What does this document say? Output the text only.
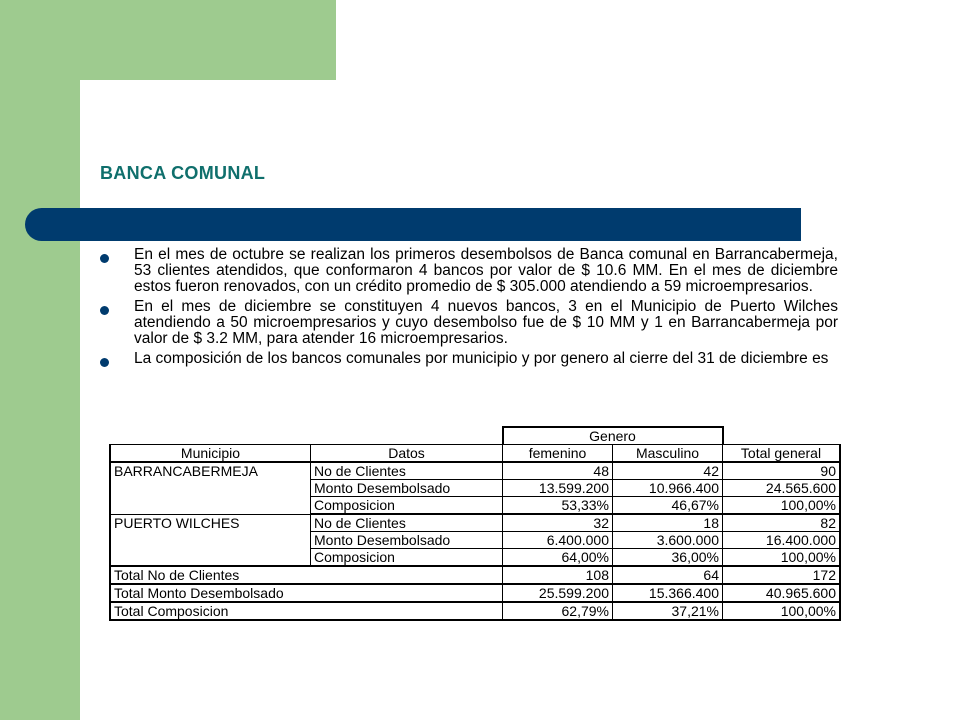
BANCA COMUNAL
En el mes de octubre se realizan los primeros desembolsos de Banca comunal en Barrancabermeja, 53 clientes atendidos, que conformaron 4 bancos por valor de $ 10.6 MM. En el mes de diciembre estos fueron renovados, con un crédito promedio de $ 305.000 atendiendo a 59 microempresarios.
En el mes de diciembre se constituyen 4 nuevos bancos, 3 en el Municipio de Puerto Wilches atendiendo a 50 microempresarios y cuyo desembolso fue de $ 10 MM y 1 en Barrancabermeja por valor de $ 3.2 MM, para atender 16 microempresarios.
La composición de los bancos comunales por municipio y por genero al cierre del 31 de diciembre es
		Genero		
Municipio	Datos	femenino	Masculino	Total general
BARRANCABERMEJA	No de Clientes	48	42	90
	Monto Desembolsado	13.599.200	10.966.400	24.565.600
	Composicion	53,33%	46,67%	100,00%
PUERTO WILCHES	No de Clientes	32	18	82
	Monto Desembolsado	6.400.000	3.600.000	16.400.000
	Composicion	64,00%	36,00%	100,00%
Total No de Clientes		108	64	172
Total Monto Desembolsado		25.599.200	15.366.400	40.965.600
Total Composicion		62,79%	37,21%	100,00%
